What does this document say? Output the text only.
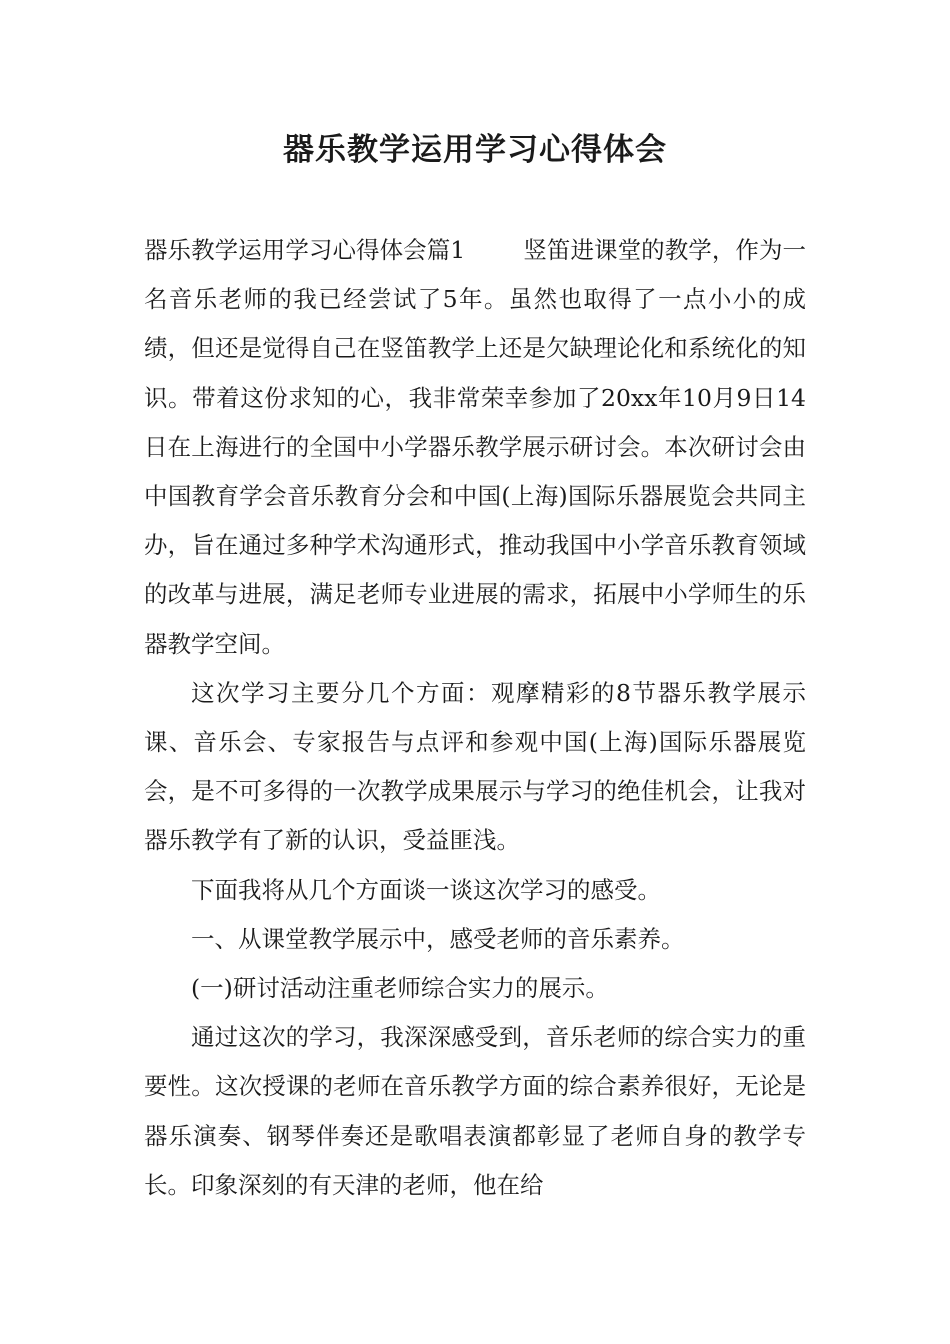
器乐教学运用学习心得体会

器乐教学运用学习心得体会篇1 竖笛进课堂的教学，作为一名音乐老师的我已经尝试了5年。虽然也取得了一点小小的成绩，但还是觉得自己在竖笛教学上还是欠缺理论化和系统化的知识。带着这份求知的心，我非常荣幸参加了20xx年10月9日14日在上海进行的全国中小学器乐教学展示研讨会。本次研讨会由中国教育学会音乐教育分会和中国(上海)国际乐器展览会共同主办，旨在通过多种学术沟通形式，推动我国中小学音乐教育领域的改革与进展，满足老师专业进展的需求，拓展中小学师生的乐器教学空间。

这次学习主要分几个方面：观摩精彩的8节器乐教学展示课、音乐会、专家报告与点评和参观中国(上海)国际乐器展览会，是不可多得的一次教学成果展示与学习的绝佳机会，让我对器乐教学有了新的认识，受益匪浅。

下面我将从几个方面谈一谈这次学习的感受。

一、从课堂教学展示中，感受老师的音乐素养。

(一)研讨活动注重老师综合实力的展示。

通过这次的学习，我深深感受到，音乐老师的综合实力的重要性。这次授课的老师在音乐教学方面的综合素养很好，无论是器乐演奏、钢琴伴奏还是歌唱表演都彰显了老师自身的教学专长。印象深刻的有天津的老师，他在给
